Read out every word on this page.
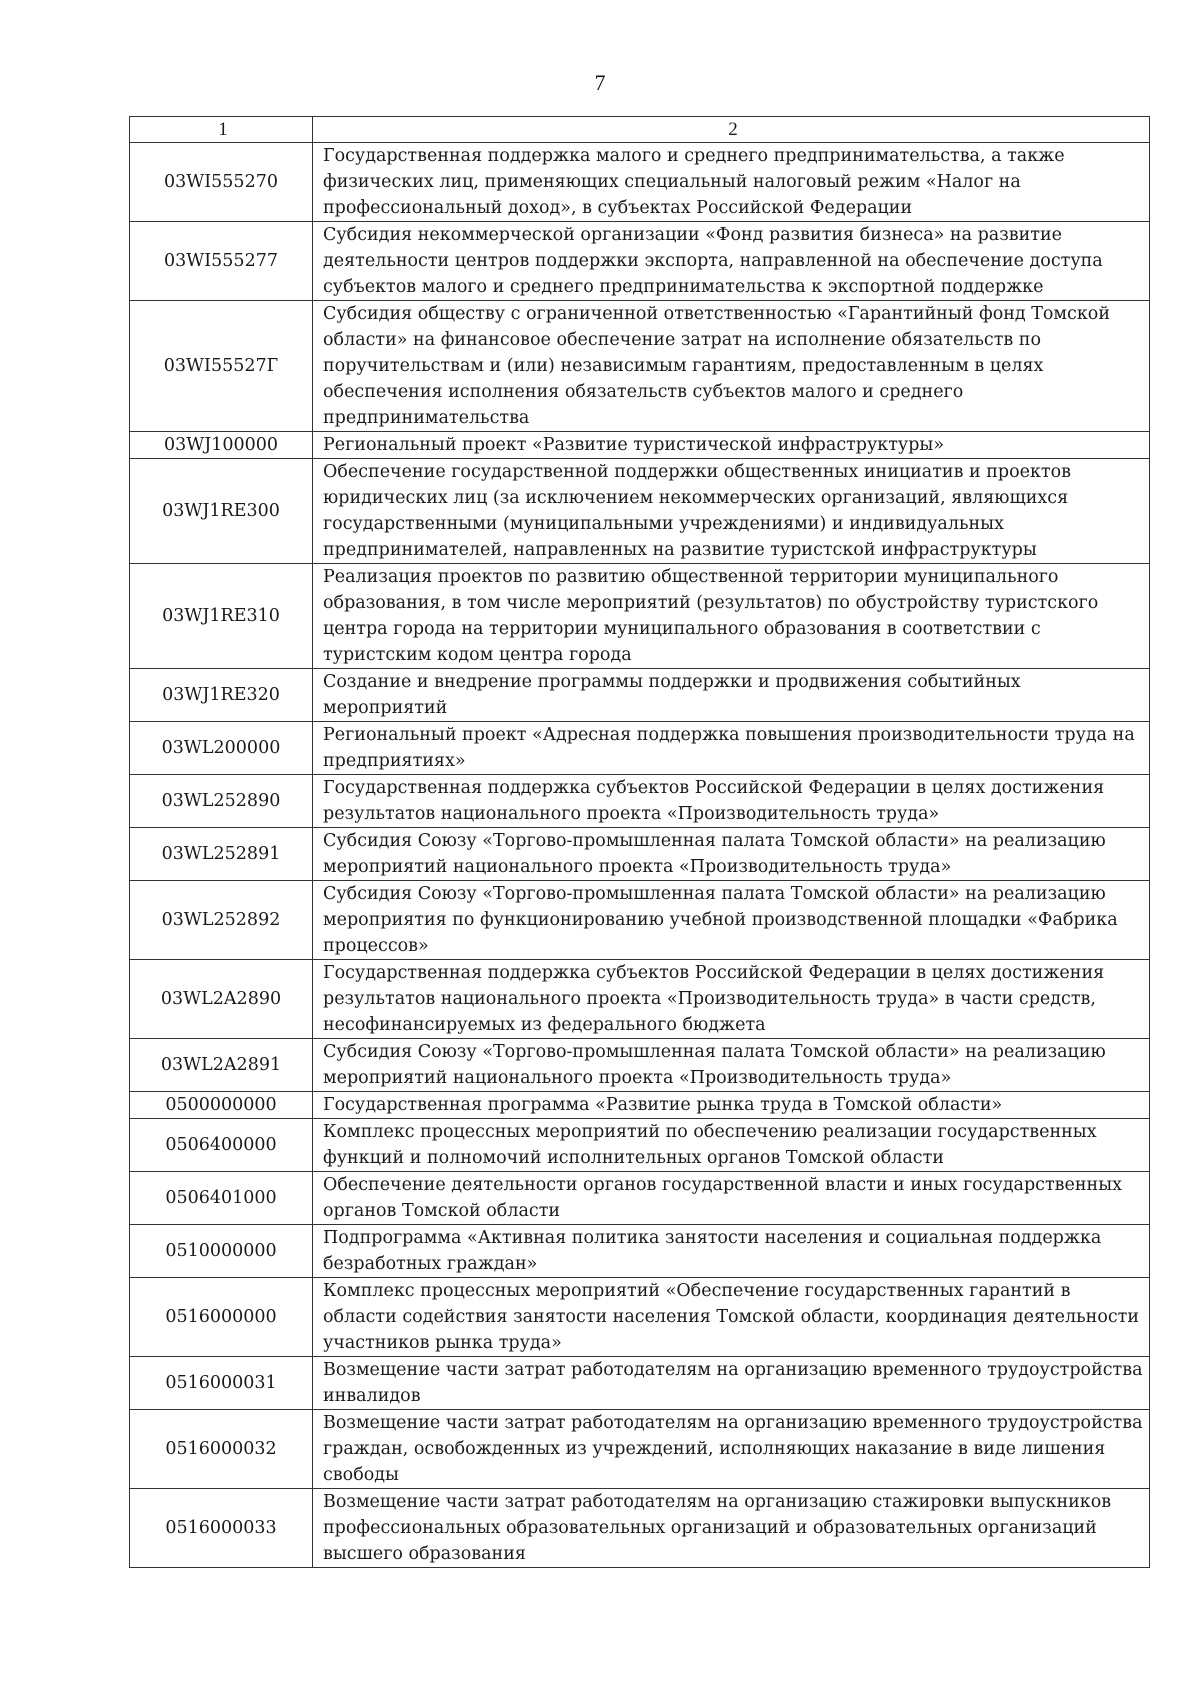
7
1	2
03WI555270	Государственная поддержка малого и среднего предпринимательства, а также физических лиц, применяющих специальный налоговый режим «Налог на профессиональный доход», в субъектах Российской Федерации
03WI555277	Субсидия некоммерческой организации «Фонд развития бизнеса» на развитие деятельности центров поддержки экспорта, направленной на обеспечение доступа субъектов малого и среднего предпринимательства к экспортной поддержке
03WI55527Г	Субсидия обществу с ограниченной ответственностью «Гарантийный фонд Томской области» на финансовое обеспечение затрат на исполнение обязательств по поручительствам и (или) независимым гарантиям, предоставленным в целях обеспечения исполнения обязательств субъектов малого и среднего предпринимательства
03WJ100000	Региональный проект «Развитие туристической инфраструктуры»
03WJ1RE300	Обеспечение государственной поддержки общественных инициатив и проектов юридических лиц (за исключением некоммерческих организаций, являющихся государственными (муниципальными учреждениями) и индивидуальных предпринимателей, направленных на развитие туристской инфраструктуры
03WJ1RE310	Реализация проектов по развитию общественной территории муниципального образования, в том числе мероприятий (результатов) по обустройству туристского центра города на территории муниципального образования в соответствии с туристским кодом центра города
03WJ1RE320	Создание и внедрение программы поддержки и продвижения событийных мероприятий
03WL200000	Региональный проект «Адресная поддержка повышения производительности труда на предприятиях»
03WL252890	Государственная поддержка субъектов Российской Федерации в целях достижения результатов национального проекта «Производительность труда»
03WL252891	Субсидия Союзу «Торгово-промышленная палата Томской области» на реализацию мероприятий национального проекта «Производительность труда»
03WL252892	Субсидия Союзу «Торгово-промышленная палата Томской области» на реализацию мероприятия по функционированию учебной производственной площадки «Фабрика процессов»
03WL2A2890	Государственная поддержка субъектов Российской Федерации в целях достижения результатов национального проекта «Производительность труда» в части средств, несофинансируемых из федерального бюджета
03WL2A2891	Субсидия Союзу «Торгово-промышленная палата Томской области» на реализацию мероприятий национального проекта «Производительность труда»
0500000000	Государственная программа «Развитие рынка труда в Томской области»
0506400000	Комплекс процессных мероприятий по обеспечению реализации государственных функций и полномочий исполнительных органов Томской области
0506401000	Обеспечение деятельности органов государственной власти и иных государственных органов Томской области
0510000000	Подпрограмма «Активная политика занятости населения и социальная поддержка безработных граждан»
0516000000	Комплекс процессных мероприятий «Обеспечение государственных гарантий в области содействия занятости населения Томской области, координация деятельности участников рынка труда»
0516000031	Возмещение части затрат работодателям на организацию временного трудоустройства инвалидов
0516000032	Возмещение части затрат работодателям на организацию временного трудоустройства граждан, освобожденных из учреждений, исполняющих наказание в виде лишения свободы
0516000033	Возмещение части затрат работодателям на организацию стажировки выпускников профессиональных образовательных организаций и образовательных организаций высшего образования
